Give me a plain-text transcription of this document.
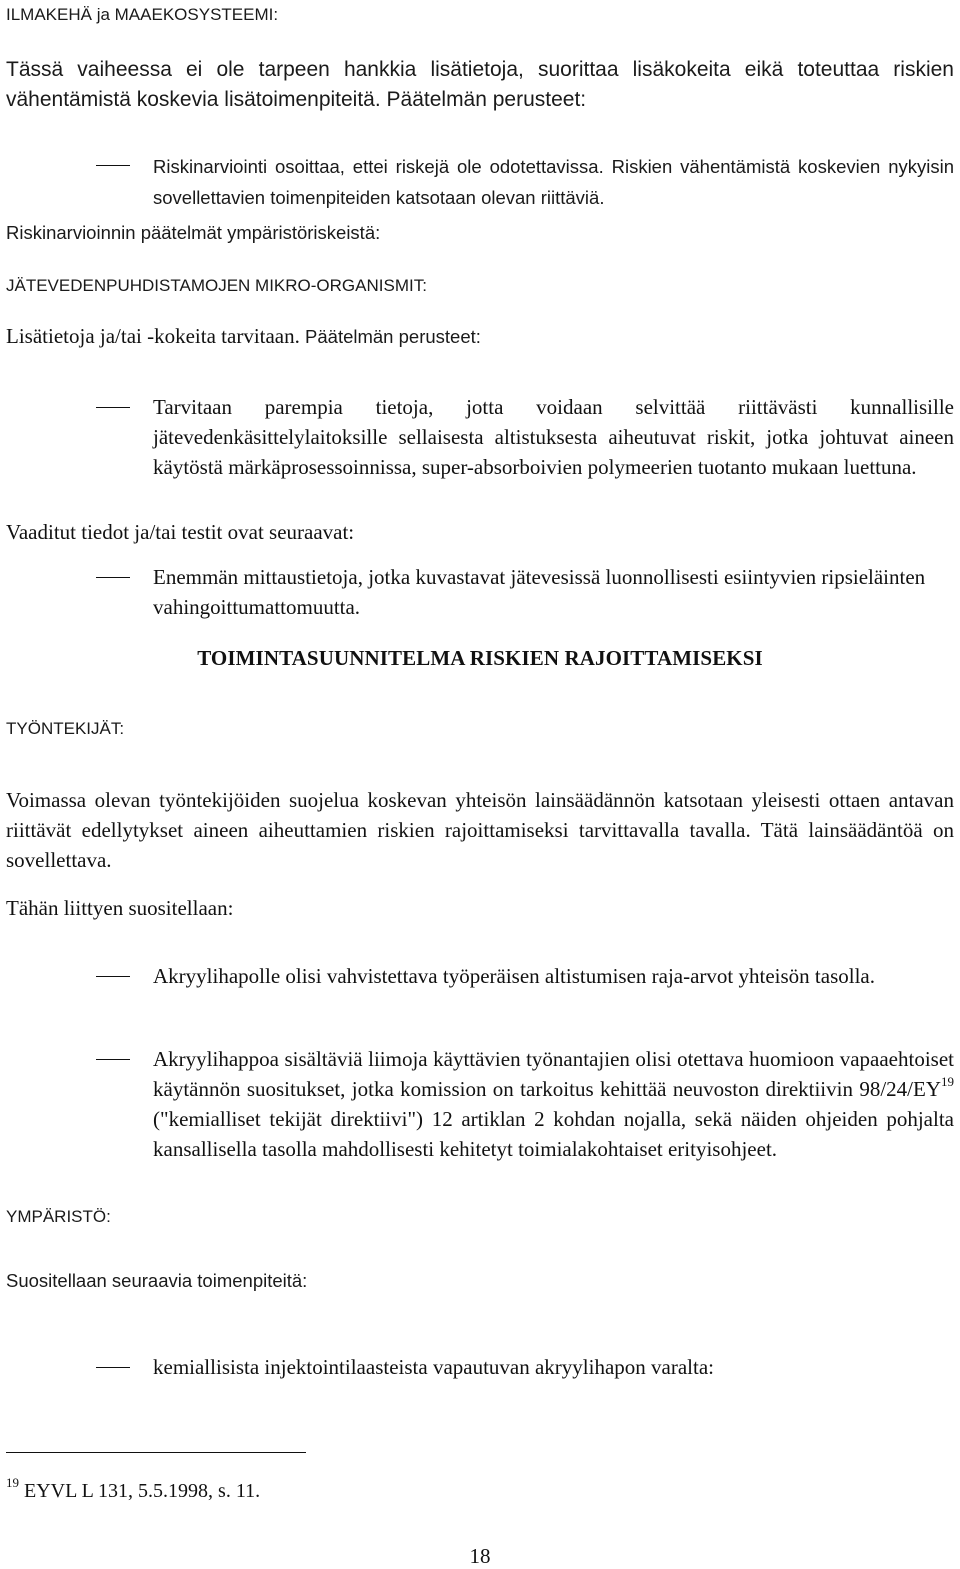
ILMAKEHÄ ja MAAEKOSYSTEEMI:

Tässä vaiheessa ei ole tarpeen hankkia lisätietoja, suorittaa lisäkokeita eikä toteuttaa riskien vähentämistä koskevia lisätoimenpiteitä. Päätelmän perusteet:

Riskinarviointi osoittaa, ettei riskejä ole odotettavissa. Riskien vähentämistä koskevien nykyisin sovellettavien toimenpiteiden katsotaan olevan riittäviä.

Riskinarvioinnin päätelmät ympäristöriskeistä:
JÄTEVEDENPUHDISTAMOJEN MIKRO-ORGANISMIT:
Lisätietoja ja/tai -kokeita tarvitaan. Päätelmän perusteet:

Tarvitaan parempia tietoja, jotta voidaan selvittää riittävästi kunnallisille jätevedenkäsittelylaitoksille sellaisesta altistuksesta aiheutuvat riskit, jotka johtuvat aineen käytöstä märkäprosessoinnissa, super-absorboivien polymeerien tuotanto mukaan luettuna.

Vaaditut tiedot ja/tai testit ovat seuraavat:

Enemmän mittaustietoja, jotka kuvastavat jätevesissä luonnollisesti esiintyvien ripsieläinten vahingoittumattomuutta.

TOIMINTASUUNNITELMA RISKIEN RAJOITTAMISEKSI
TYÖNTEKIJÄT:

Voimassa olevan työntekijöiden suojelua koskevan yhteisön lainsäädännön katsotaan yleisesti ottaen antavan riittävät edellytykset aineen aiheuttamien riskien rajoittamiseksi tarvittavalla tavalla. Tätä lainsäädäntöä on sovellettava.

Tähän liittyen suositellaan:

Akryylihapolle olisi vahvistettava työperäisen altistumisen raja-arvot yhteisön tasolla.

Akryylihappoa sisältäviä liimoja käyttävien työnantajien olisi otettava huomioon vapaaehtoiset käytännön suositukset, jotka komission on tarkoitus kehittää neuvoston direktiivin 98/24/EY$^{19}$ ("kemialliset tekijät direktiivi") 12 artiklan 2 kohdan nojalla, sekä näiden ohjeiden pohjalta kansallisella tasolla mahdollisesti kehitetyt toimialakohtaiset erityisohjeet.

YMPÄRISTÖ:
Suositellaan seuraavia toimenpiteitä:

kemiallisista injektointilaasteista vapautuvan akryylihapon varalta:

$^{19}$ EYVL L 131, 5.5.1998, s. 11.
18
